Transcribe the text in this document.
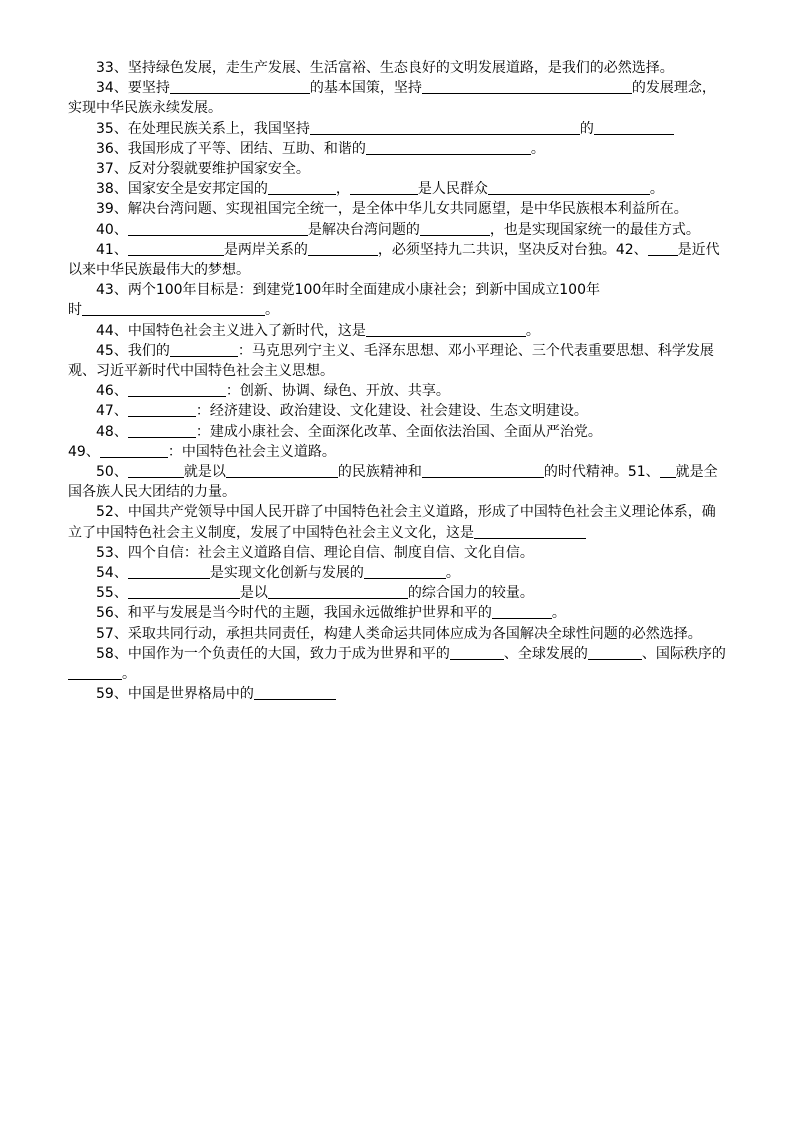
33、坚持绿色发展，走生产发展、生活富裕、生态良好的文明发展道路，是我们的必然选择。

34、要坚持	的基本国策，坚持	的发展理念，实现中华民族永续发展。

35、在处理民族关系上，我国坚持	的

36、我国形成了平等、团结、互助、和谐的	。

37、反对分裂就要维护国家安全。

38、国家安全是安邦定国的	，	是人民群众	。

39、解决台湾问题、实现祖国完全统一，是全体中华儿女共同愿望，是中华民族根本利益所在。

40、	是解决台湾问题的	，也是实现国家统一的最佳方式。

41、	是两岸关系的	，必须坚持九二共识，坚决反对台独。42、 是近代以来中华民族最伟大的梦想。

43、两个100年目标是：到建党100年时全面建成小康社会；到新中国成立100年

时	。

44、中国特色社会主义进入了新时代，这是	。

45、我们的	：马克思列宁主义、毛泽东思想、邓小平理论、三个代表重要思想、科学发展观、习近平新时代中国特色社会主义思想。

46、	：创新、协调、绿色、开放、共享。

47、	：经济建设、政治建设、文化建设、社会建设、生态文明建设。

48、	：建成小康社会、全面深化改革、全面依法治国、全面从严治党。

49、	：中国特色社会主义道路。

50、	就是以	的民族精神和	的时代精神。51、 就是全国各族人民大团结的力量。

52、中国共产党领导中国人民开辟了中国特色社会主义道路，形成了中国特色社会主义理论体系，确立了中国特色社会主义制度，发展了中国特色社会主义文化，这是

53、四个自信：社会主义道路自信、理论自信、制度自信、文化自信。

54、	是实现文化创新与发展的	。

55、	是以	的综合国力的较量。

56、和平与发展是当今时代的主题，我国永远做维护世界和平的	。

57、采取共同行动，承担共同责任，构建人类命运共同体应成为各国解决全球性问题的必然选择。

58、中国作为一个负责任的大国，致力于成为世界和平的	、全球发展的	、国际秩序的。

59、中国是世界格局中的
